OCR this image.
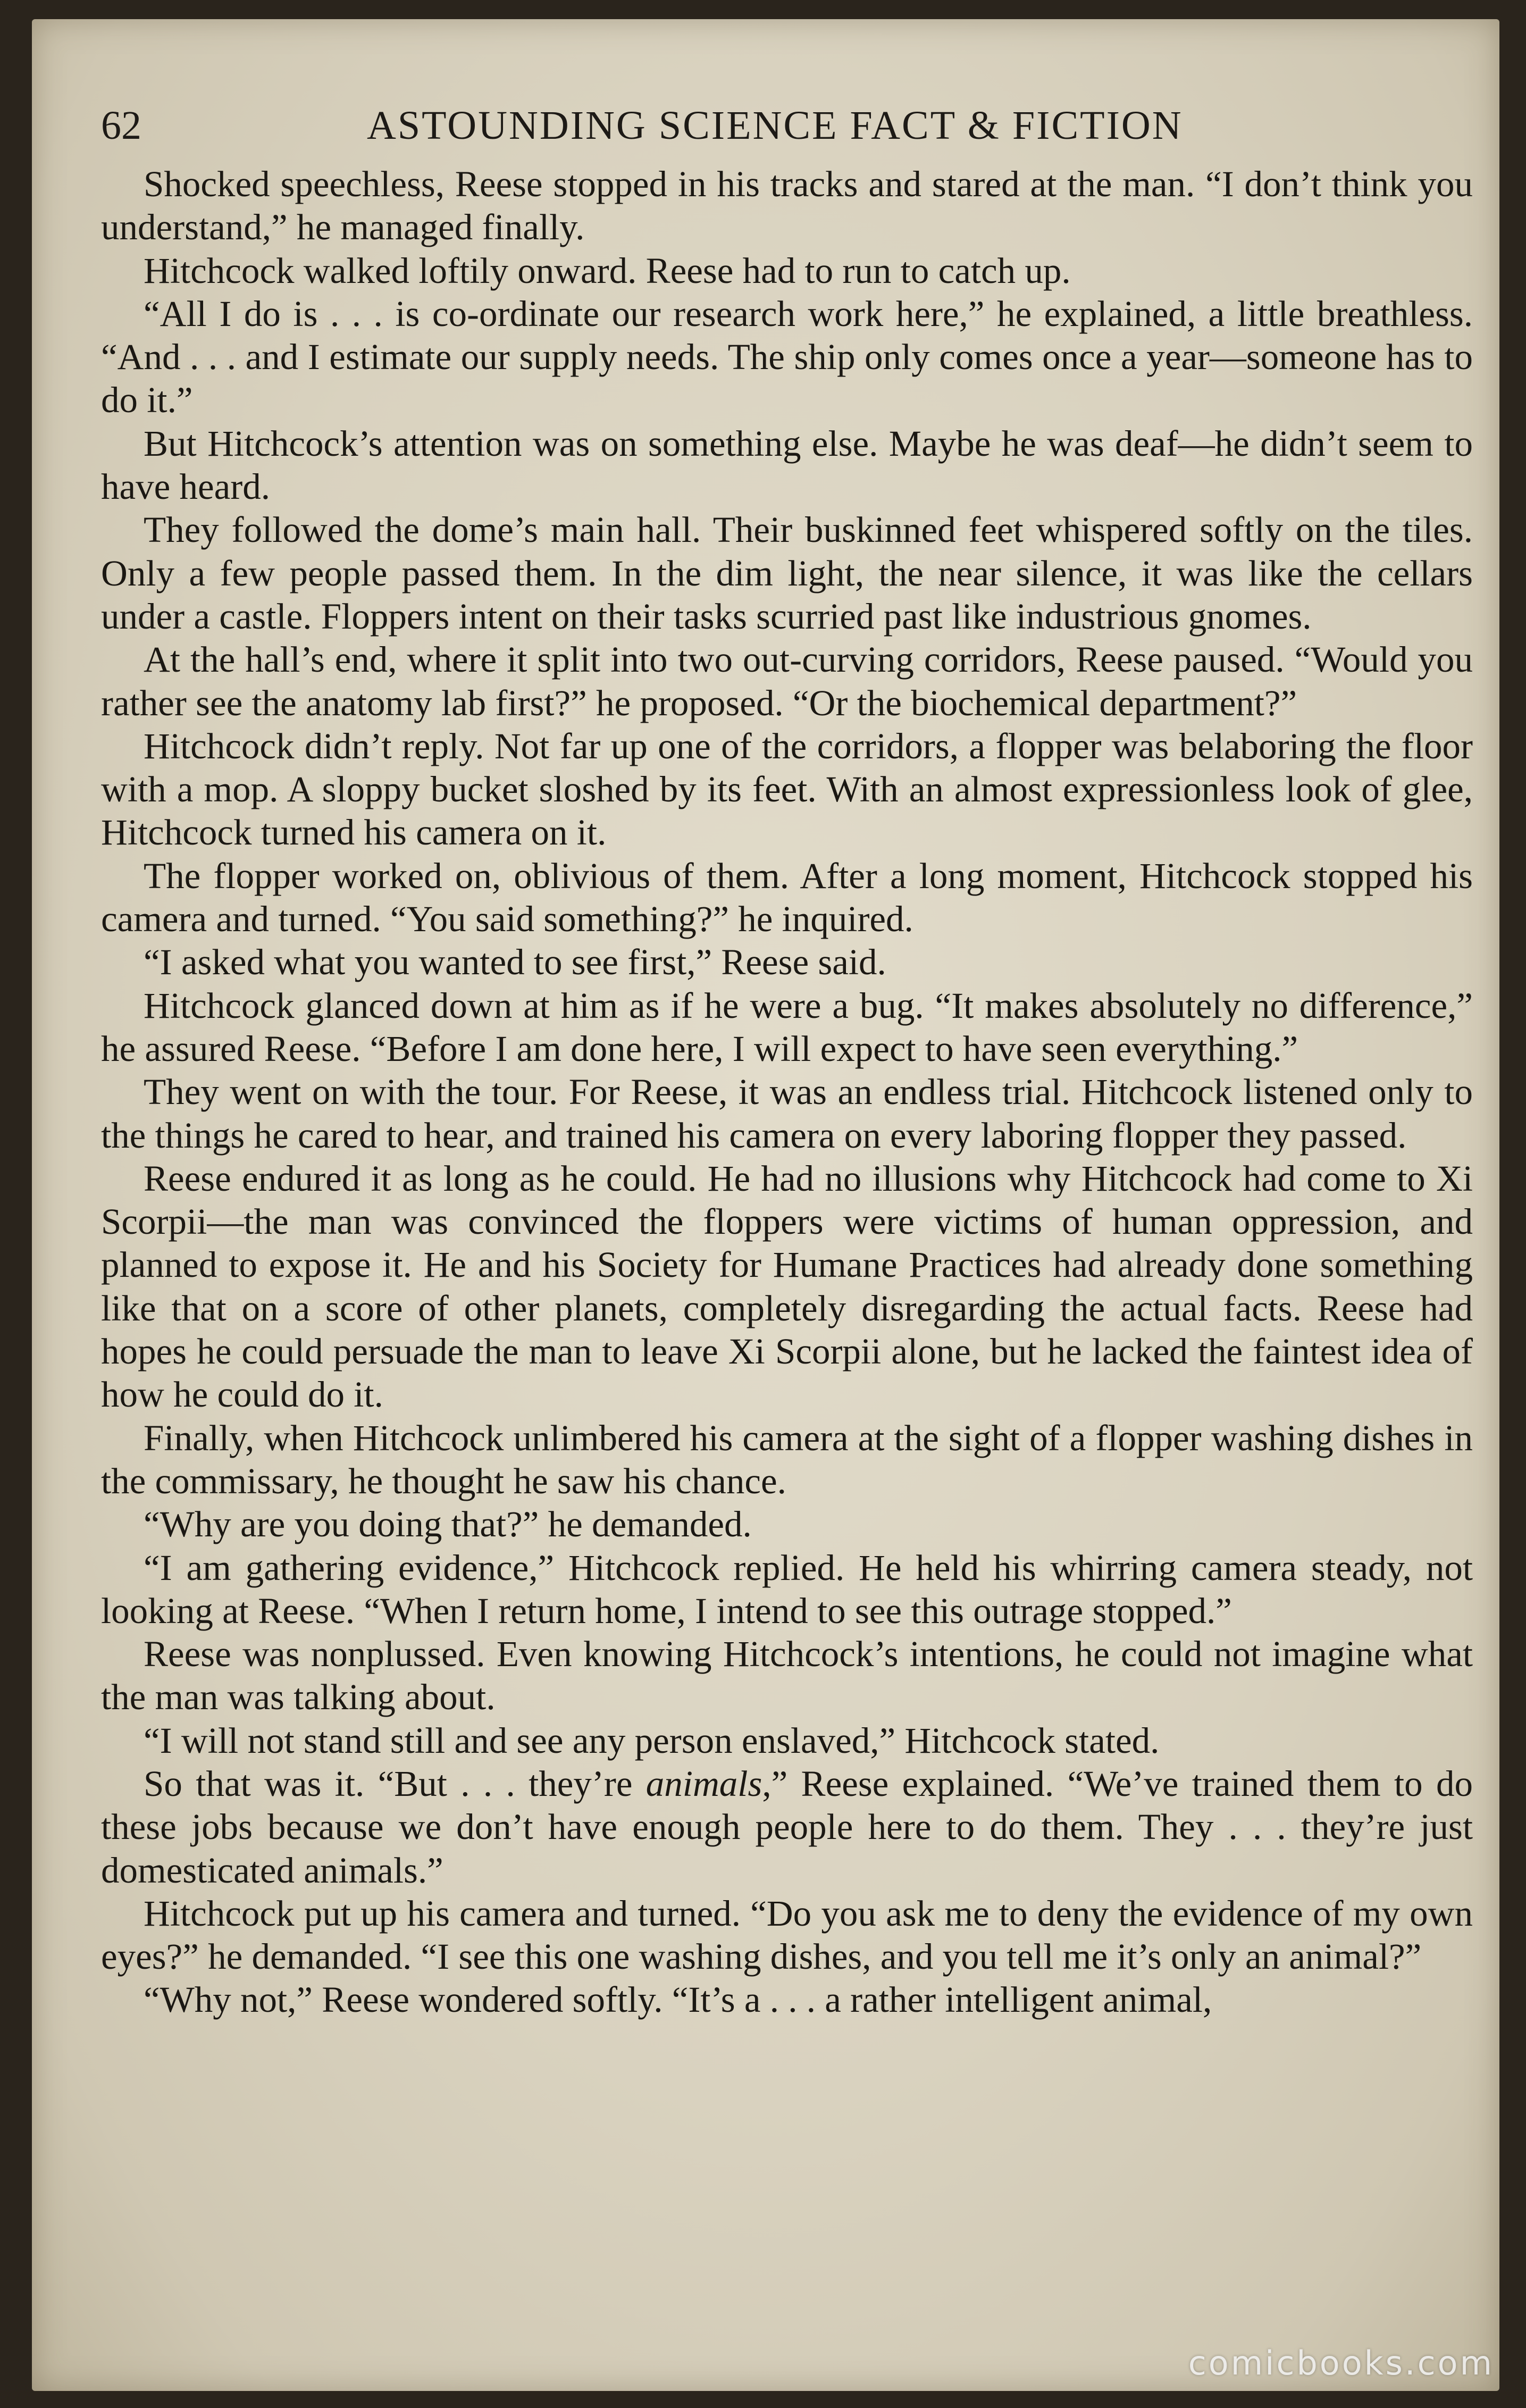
62	ASTOUNDING SCIENCE FACT & FICTION

Shocked speechless, Reese stopped in his tracks and stared at the man. “I don’t think you understand,” he managed finally.

Hitchcock walked loftily onward. Reese had to run to catch up.

“All I do is . . . is co-ordinate our research work here,” he explained, a little breathless. “And . . . and I estimate our supply needs. The ship only comes once a year—someone has to do it.”

But Hitchcock’s attention was on something else. Maybe he was deaf—he didn’t seem to have heard.

They followed the dome’s main hall. Their buskinned feet whispered softly on the tiles. Only a few people passed them. In the dim light, the near silence, it was like the cellars under a castle. Floppers intent on their tasks scurried past like industrious gnomes.

At the hall’s end, where it split into two out-curving corridors, Reese paused. “Would you rather see the anatomy lab first?” he proposed. “Or the biochemical department?”

Hitchcock didn’t reply. Not far up one of the corridors, a flopper was belaboring the floor with a mop. A sloppy bucket sloshed by its feet. With an almost expressionless look of glee, Hitchcock turned his camera on it.

The flopper worked on, oblivious of them. After a long moment, Hitchcock stopped his camera and turned. “You said something?” he inquired.

“I asked what you wanted to see first,” Reese said.

Hitchcock glanced down at him as if he were a bug. “It makes absolutely no difference,” he assured Reese. “Before I am done here, I will expect to have seen everything.”

They went on with the tour. For Reese, it was an endless trial. Hitchcock listened only to the things he cared to hear, and trained his camera on every laboring flopper they passed.

Reese endured it as long as he could. He had no illusions why Hitchcock had come to Xi Scorpii—the man was convinced the floppers were victims of human oppression, and planned to expose it. He and his Society for Humane Practices had already done something like that on a score of other planets, completely disregarding the actual facts. Reese had hopes he could persuade the man to leave Xi Scorpii alone, but he lacked the faintest idea of how he could do it.

Finally, when Hitchcock unlimbered his camera at the sight of a flopper washing dishes in the commissary, he thought he saw his chance.

“Why are you doing that?” he demanded.

“I am gathering evidence,” Hitchcock replied. He held his whirring camera steady, not looking at Reese. “When I return home, I intend to see this outrage stopped.”

Reese was nonplussed. Even knowing Hitchcock’s intentions, he could not imagine what the man was talking about.

“I will not stand still and see any person enslaved,” Hitchcock stated.

So that was it. “But . . . they’re animals,” Reese explained. “We’ve trained them to do these jobs because we don’t have enough people here to do them. They . . . they’re just domesticated animals.”

Hitchcock put up his camera and turned. “Do you ask me to deny the evidence of my own eyes?” he demanded. “I see this one washing dishes, and you tell me it’s only an animal?”

“Why not,” Reese wondered softly. “It’s a . . . a rather intelligent animal,

comicbooks.com
